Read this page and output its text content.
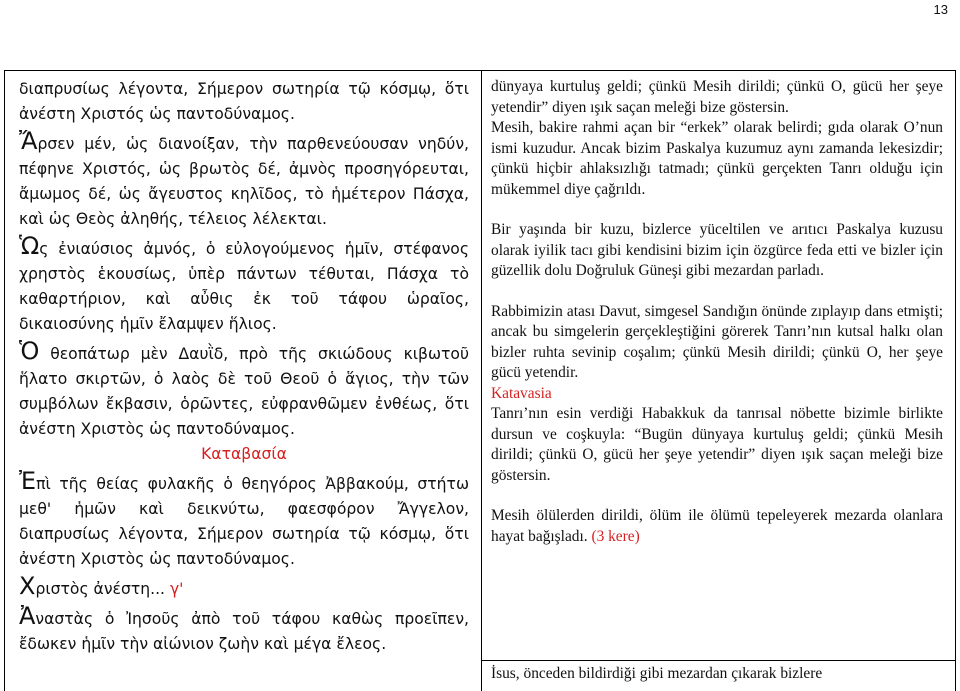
13

διαπρυσίως λέγοντα, Σήμερον σωτηρία τῷ κόσμῳ, ὅτι ἀνέστη Χριστός ὡς παντοδύναμος.

Ἄρσεν μέν, ὡς διανοίξαν, τὴν παρθενεύουσαν νηδύν, πέφηνε Χριστός, ὡς βρωτὸς δέ, ἀμνὸς προσηγόρευται, ἄμωμος δέ, ὡς ἄγευστος κηλῖδος, τὸ ἡμέτερον Πάσχα, καὶ ὡς Θεὸς ἀληθής, τέλειος λέλεκται.

Ὡς ἐνιαύσιος ἀμνός, ὁ εὐλογούμενος ἡμῖν, στέφανος χρηστὸς ἑκουσίως, ὑπὲρ πάντων τέθυται, Πάσχα τὸ καθαρτήριον, καὶ αὖθις ἐκ τοῦ τάφου ὡραῖος, δικαιοσύνης ἡμῖν ἔλαμψεν ἥλιος.

Ὁ θεοπάτωρ μὲν Δαυῒδ, πρὸ τῆς σκιώδους κιβωτοῦ ἥλατο σκιρτῶν, ὁ λαὸς δὲ τοῦ Θεοῦ ὁ ἅγιος, τὴν τῶν συμβόλων ἔκβασιν, ὁρῶντες, εὐφρανθῶμεν ἐνθέως, ὅτι ἀνέστη Χριστὸς ὡς παντοδύναμος.

Καταβασία

Ἐπὶ τῆς θείας φυλακῆς ὁ θεηγόρος Ἀββακούμ, στήτω μεθ' ἡμῶν καὶ δεικνύτω, φαεσφόρον Ἄγγελον, διαπρυσίως λέγοντα, Σήμερον σωτηρία τῷ κόσμῳ, ὅτι ἀνέστη Χριστὸς ὡς παντοδύναμος.

Χριστὸς ἀνέστη... γ'

Ἀναστὰς ὁ Ἰησοῦς ἀπὸ τοῦ τάφου καθὼς προεῖπεν, ἔδωκεν ἡμῖν τὴν αἰώνιον ζωὴν καὶ μέγα ἔλεος.

dünyaya kurtuluş geldi; çünkü Mesih dirildi; çünkü O, gücü her şeye yetendir” diyen ışık saçan meleği bize göstersin.

Mesih, bakire rahmi açan bir “erkek” olarak belirdi; gıda olarak O’nun ismi kuzudur. Ancak bizim Paskalya kuzumuz aynı zamanda lekesizdir; çünkü hiçbir ahlaksızlığı tatmadı; çünkü gerçekten Tanrı olduğu için mükemmel diye çağrıldı.

Bir yaşında bir kuzu, bizlerce yüceltilen ve arıtıcı Paskalya kuzusu olarak iyilik tacı gibi kendisini bizim için özgürce feda etti ve bizler için güzellik dolu Doğruluk Güneşi gibi mezardan parladı.

Rabbimizin atası Davut, simgesel Sandığın önünde zıplayıp dans etmişti; ancak bu simgelerin gerçekleştiğini görerek Tanrı’nın kutsal halkı olan bizler ruhta sevinip coşalım; çünkü Mesih dirildi; çünkü O, her şeye gücü yetendir.

Katavasia

Tanrı’nın esin verdiği Habakkuk da tanrısal nöbette bizimle birlikte dursun ve coşkuyla: “Bugün dünyaya kurtuluş geldi; çünkü Mesih dirildi; çünkü O, gücü her şeye yetendir” diyen ışık saçan meleği bize göstersin.

Mesih ölülerden dirildi, ölüm ile ölümü tepeleyerek mezarda olanlara hayat bağışladı. (3 kere)

İsus, önceden bildirdiği gibi mezardan çıkarak bizlere
